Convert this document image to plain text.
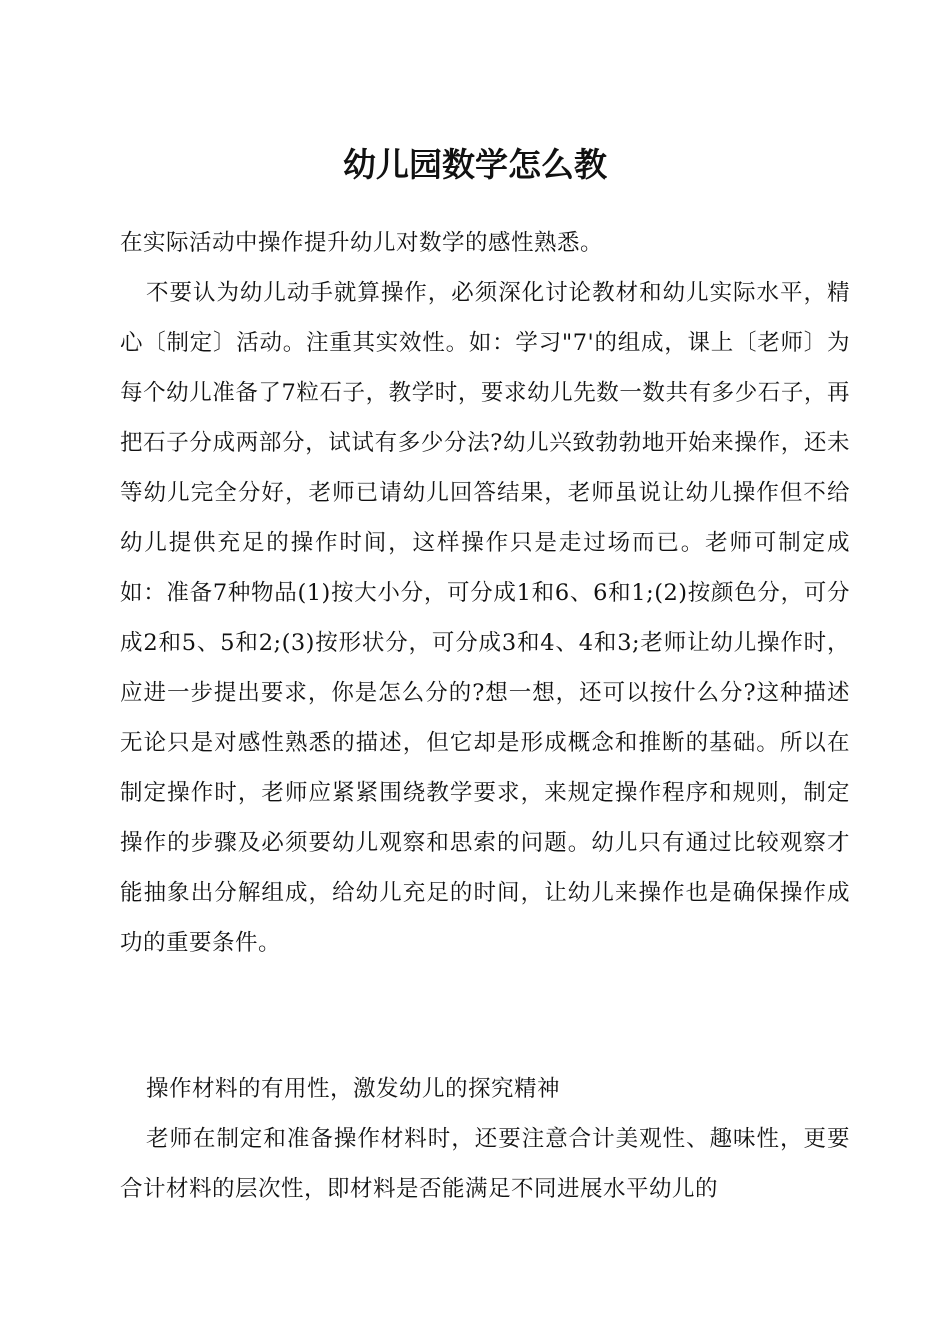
幼儿园数学怎么教

在实际活动中操作提升幼儿对数学的感性熟悉。

不要认为幼儿动手就算操作，必须深化讨论教材和幼儿实际水平，精心〔制定〕活动。注重其实效性。如：学习"7'的组成，课上〔老师〕为每个幼儿准备了7粒石子，教学时，要求幼儿先数一数共有多少石子，再把石子分成两部分，试试有多少分法?幼儿兴致勃勃地开始来操作，还未等幼儿完全分好，老师已请幼儿回答结果，老师虽说让幼儿操作但不给幼儿提供充足的操作时间，这样操作只是走过场而已。老师可制定成如：准备7种物品(1)按大小分，可分成1和6、6和1;(2)按颜色分，可分成2和5、5和2;(3)按形状分，可分成3和4、4和3;老师让幼儿操作时，应进一步提出要求，你是怎么分的?想一想，还可以按什么分?这种描述无论只是对感性熟悉的描述，但它却是形成概念和推断的基础。所以在制定操作时，老师应紧紧围绕教学要求，来规定操作程序和规则，制定操作的步骤及必须要幼儿观察和思索的问题。幼儿只有通过比较观察才能抽象出分解组成，给幼儿充足的时间，让幼儿来操作也是确保操作成功的重要条件。

操作材料的有用性，激发幼儿的探究精神

老师在制定和准备操作材料时，还要注意合计美观性、趣味性，更要合计材料的层次性，即材料是否能满足不同进展水平幼儿的
